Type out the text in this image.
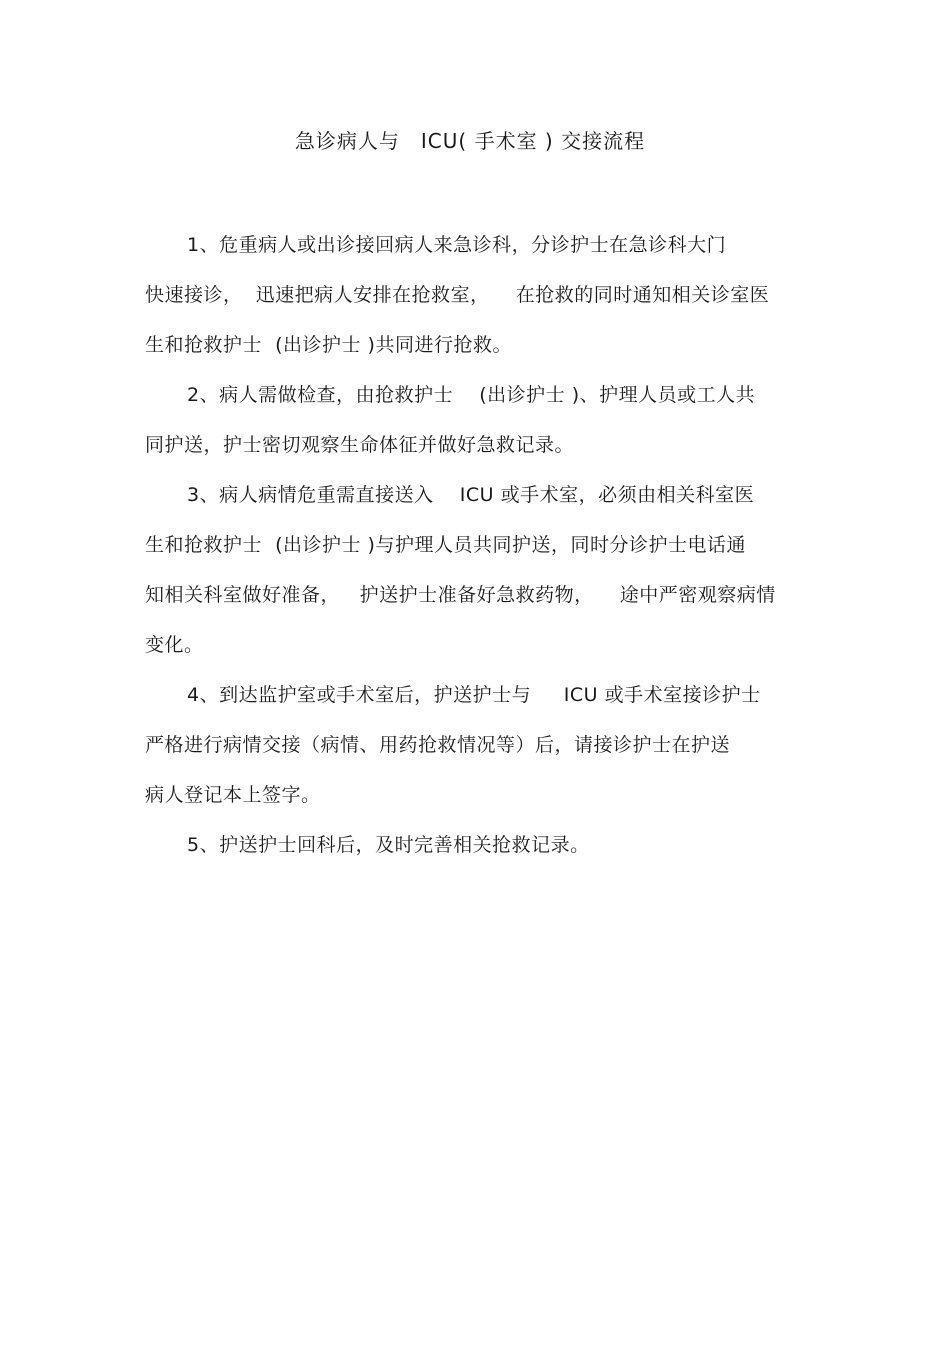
急诊病人与　ICU( 手术室 ) 交接流程
1、危重病人或出诊接回病人来急诊科，分诊护士在急诊科大门
快速接诊，  迅速把病人安排在抢救室，    在抢救的同时通知相关诊室医
生和抢救护士  (出诊护士 )共同进行抢救。
2、病人需做检查，由抢救护士    (出诊护士 )、护理人员或工人共
同护送，护士密切观察生命体征并做好急救记录。
3、病人病情危重需直接送入    ICU 或手术室，必须由相关科室医
生和抢救护士  (出诊护士 )与护理人员共同护送，同时分诊护士电话通
知相关科室做好准备，   护送护士准备好急救药物，    途中严密观察病情
变化。
4、到达监护室或手术室后，护送护士与     ICU 或手术室接诊护士
严格进行病情交接（病情、用药抢救情况等）后，请接诊护士在护送
病人登记本上签字。
5、护送护士回科后，及时完善相关抢救记录。
